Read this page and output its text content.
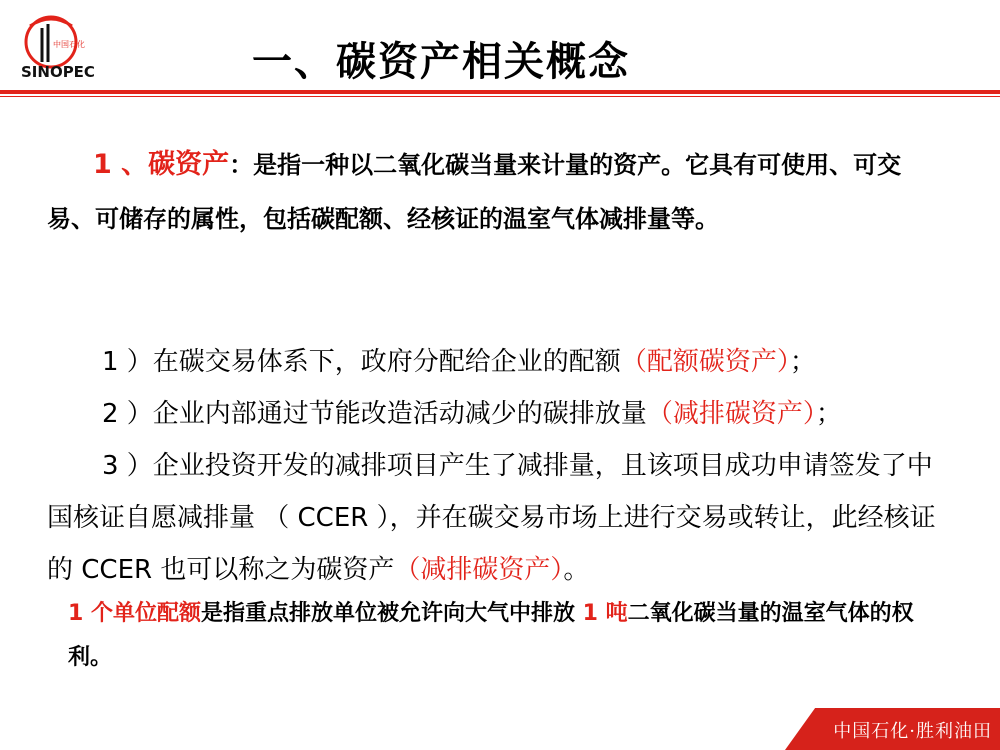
中国石化
SINOPEC	一、碳资产相关概念
1 、碳资产：是指一种以二氧化碳当量来计量的资产。它具有可使用、可交易、可储存的属性，包括碳配额、经核证的温室气体减排量等。
1 ）在碳交易体系下，政府分配给企业的配额（配额碳资产）；
2 ）企业内部通过节能改造活动减少的碳排放量（减排碳资产）；
3 ）企业投资开发的减排项目产生了减排量，且该项目成功申请签发了中国核证自愿减排量 （ CCER ），并在碳交易市场上进行交易或转让，此经核证的 CCER 也可以称之为碳资产（减排碳资产）。
1 个单位配额是指重点排放单位被允许向大气中排放 1 吨二氧化碳当量的温室气体的权利。
中国石化·胜利油田
